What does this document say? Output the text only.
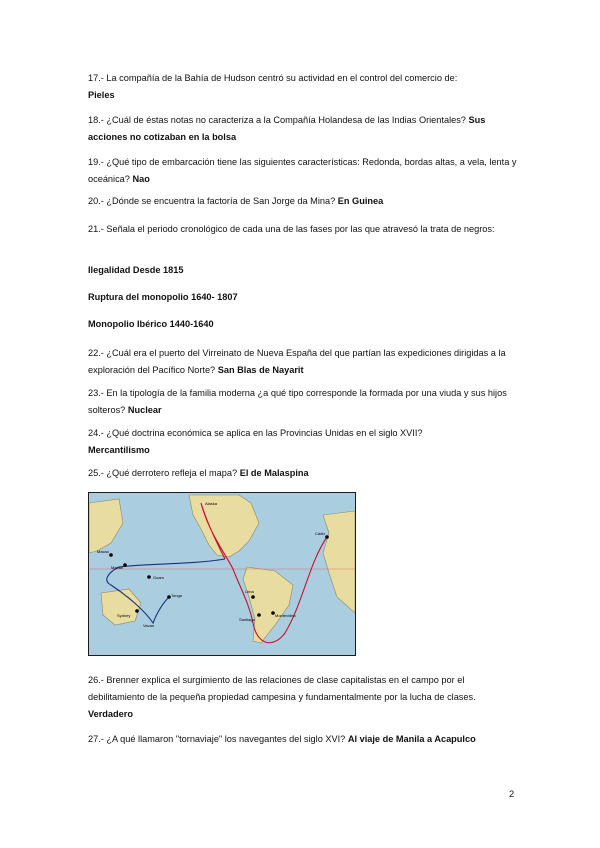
17.- La compañía de la Bahía de Hudson centró su actividad en el control del comercio de:
Pieles
18.- ¿Cuál de éstas notas no caracteriza a la Compañía Holandesa de las Indias Orientales? Sus acciones no cotizaban en la bolsa
19.- ¿Qué tipo de embarcación tiene las siguientes características: Redonda, bordas altas, a vela, lenta y oceánica? Nao
20.- ¿Dónde se encuentra la factoría de San Jorge da Mina? En Guinea
21.- Señala el periodo cronológico de cada una de las fases por las que atravesó la trata de negros:
Ilegalidad Desde 1815
Ruptura del monopolio 1640- 1807
Monopolio Ibérico 1440-1640
22.- ¿Cuál era el puerto del Virreinato de Nueva España del que partían las expediciones dirigidas a la exploración del Pacífico Norte? San Blas de Nayarit
23.- En la tipología de la familia moderna ¿a qué tipo corresponde la formada por una viuda y sus hijos solteros? Nuclear
24.- ¿Qué doctrina económica se aplica en las Provincias Unidas en el siglo XVII?
Mercantilismo
25.- ¿Qué derrotero refleja el mapa? El de Malaspina
Alaska
Cádiz
Lima
Santiago
Montevideo
Macao
Manila
Guam
Sydney
Tonga
Vavao
26.- Brenner explica el surgimiento de las relaciones de clase capitalistas en el campo por el debilitamiento de la pequeña propiedad campesina y fundamentalmente por la lucha de clases. Verdadero
27.- ¿A qué llamaron "tornaviaje" los navegantes del siglo XVI? Al viaje de Manila a Acapulco
2
